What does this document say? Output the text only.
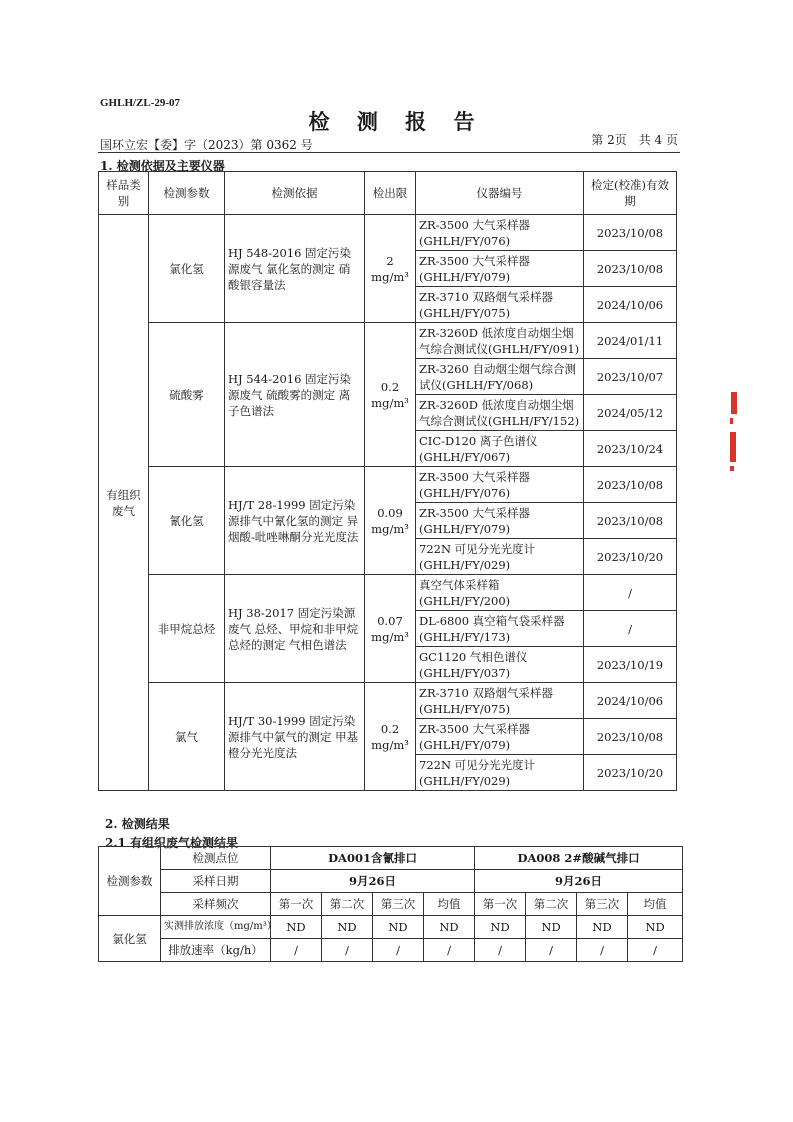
GHLH/ZL-29-07
检 测 报 告
国环立宏【委】字（2023）第 0362 号	第 2页　共 4 页
1. 检测依据及主要仪器
样品类别	检测参数	检测依据	检出限	仪器编号	检定(校准)有效期
有组织废气	氯化氢	HJ 548-2016 固定污染源废气 氯化氢的测定 硝酸银容量法	2 mg/m³	ZR-3500 大气采样器 (GHLH/FY/076)	2023/10/08
				ZR-3500 大气采样器 (GHLH/FY/079)	2023/10/08
				ZR-3710 双路烟气采样器 (GHLH/FY/075)	2024/10/06
	硫酸雾	HJ 544-2016 固定污染源废气 硫酸雾的测定 离子色谱法	0.2 mg/m³	ZR-3260D 低浓度自动烟尘烟气综合测试仪(GHLH/FY/091)	2024/01/11
				ZR-3260 自动烟尘烟气综合测试仪(GHLH/FY/068)	2023/10/07
				ZR-3260D 低浓度自动烟尘烟气综合测试仪(GHLH/FY/152)	2024/05/12
				CIC-D120 离子色谱仪 (GHLH/FY/067)	2023/10/24
	氰化氢	HJ/T 28-1999 固定污染源排气中氰化氢的测定 异烟酸-吡唑啉酮分光光度法	0.09 mg/m³	ZR-3500 大气采样器 (GHLH/FY/076)	2023/10/08
				ZR-3500 大气采样器 (GHLH/FY/079)	2023/10/08
				722N 可见分光光度计 (GHLH/FY/029)	2023/10/20
	非甲烷总烃	HJ 38-2017 固定污染源废气 总烃、甲烷和非甲烷总烃的测定 气相色谱法	0.07 mg/m³	真空气体采样箱 (GHLH/FY/200)	/
				DL-6800 真空箱气袋采样器 (GHLH/FY/173)	/
				GC1120 气相色谱仪 (GHLH/FY/037)	2023/10/19
	氯气	HJ/T 30-1999 固定污染源排气中氯气的测定 甲基橙分光光度法	0.2 mg/m³	ZR-3710 双路烟气采样器 (GHLH/FY/075)	2024/10/06
				ZR-3500 大气采样器 (GHLH/FY/079)	2023/10/08
				722N 可见分光光度计 (GHLH/FY/029)	2023/10/20
2. 检测结果
2.1 有组织废气检测结果
检测参数	检测点位	DA001含氰排口				DA008 2#酸碱气排口			
	采样日期	9月26日				9月26日			
	采样频次	第一次	第二次	第三次	均值	第一次	第二次	第三次	均值
氯化氢	实测排放浓度（mg/m³）	ND	ND	ND	ND	ND	ND	ND	ND
	排放速率（kg/h）	/	/	/	/	/	/	/	/
